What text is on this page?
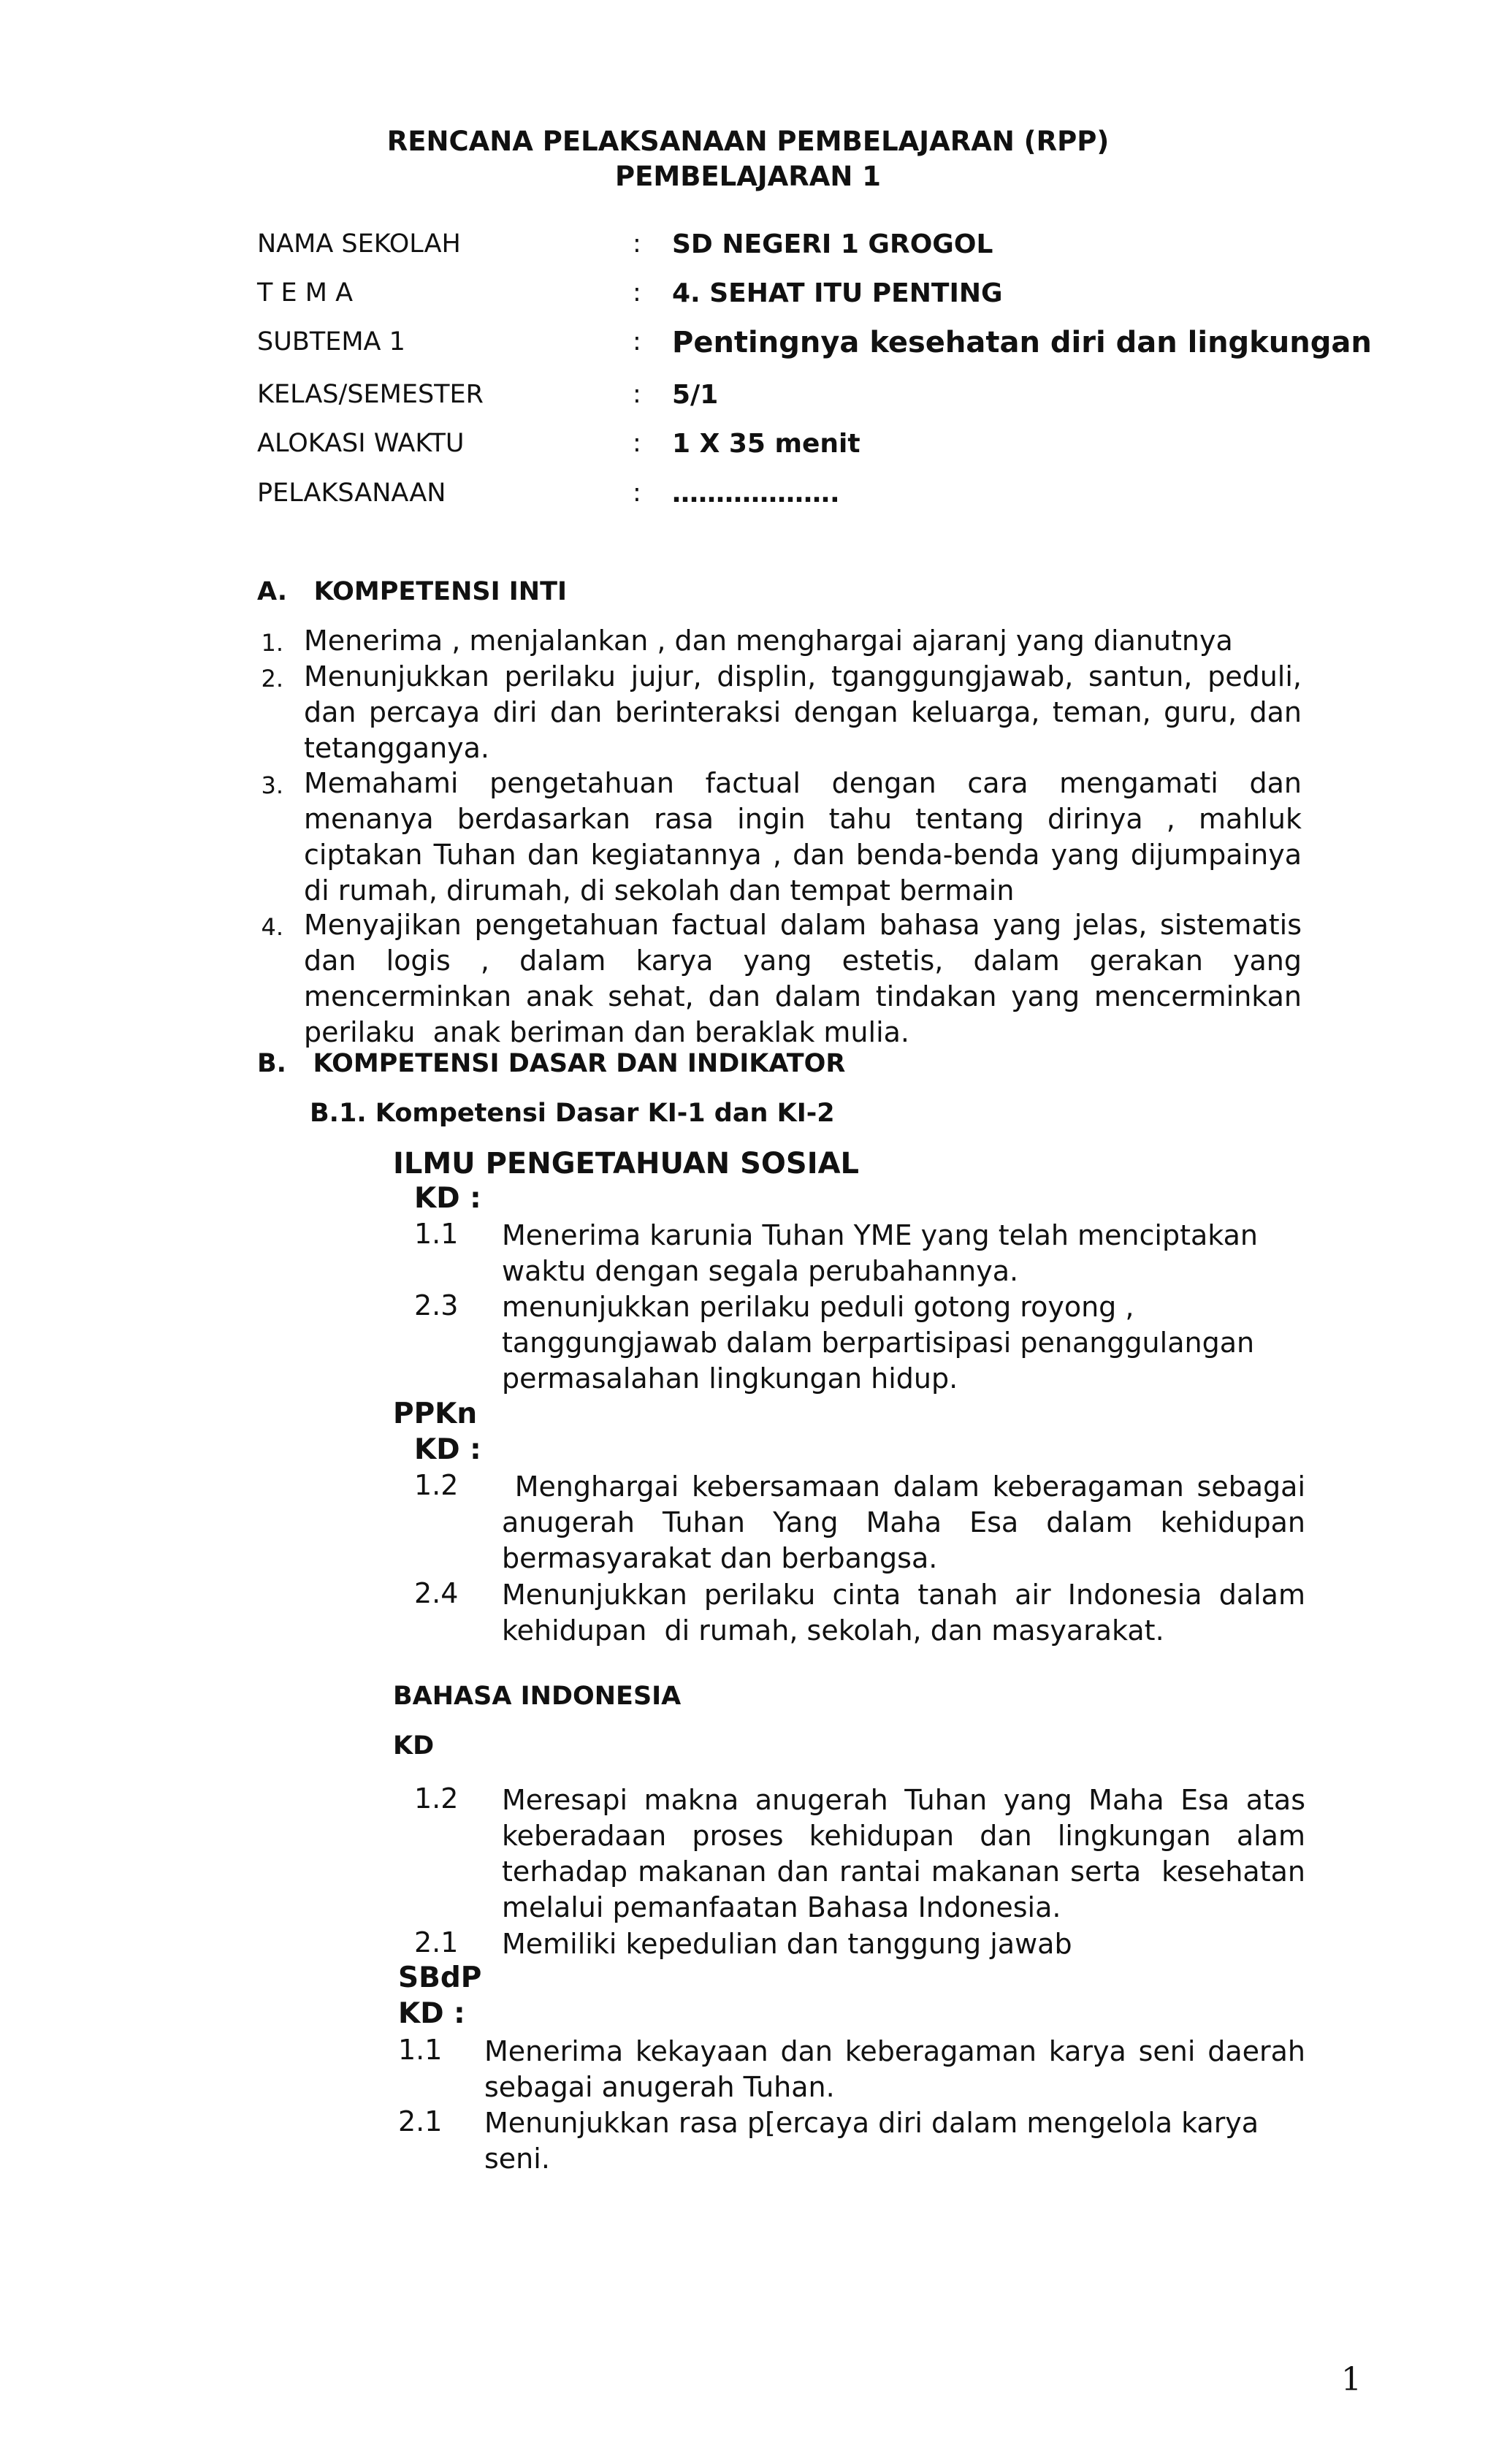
RENCANA PELAKSANAAN PEMBELAJARAN (RPP)
PEMBELAJARAN 1
NAMA SEKOLAH	: SD NEGERI 1 GROGOL
T E M A	: 4. SEHAT ITU PENTING
SUBTEMA 1	: Pentingnya kesehatan diri dan lingkungan
KELAS/SEMESTER	: 5/1
ALOKASI WAKTU	: 1 X 35 menit
PELAKSANAAN	: ……………….
A.   KOMPETENSI INTI
1. Menerima , menjalankan , dan menghargai ajaranj yang dianutnya
2. Menunjukkan perilaku jujur, displin, tganggungjawab, santun, peduli, dan percaya diri dan berinteraksi dengan keluarga, teman, guru, dan tetangganya.
3. Memahami pengetahuan factual dengan cara mengamati dan menanya berdasarkan rasa ingin tahu tentang dirinya , mahluk ciptakan Tuhan dan kegiatannya , dan benda-benda yang dijumpainya di rumah, dirumah, di sekolah dan tempat bermain
4. Menyajikan pengetahuan factual dalam bahasa yang jelas, sistematis dan logis , dalam karya yang estetis, dalam gerakan yang mencerminkan anak sehat, dan dalam tindakan yang mencerminkan perilaku  anak beriman dan beraklak mulia.
B.   KOMPETENSI DASAR DAN INDIKATOR
B.1. Kompetensi Dasar KI-1 dan KI-2
ILMU PENGETAHUAN SOSIAL
KD :
1.1 Menerima karunia Tuhan YME yang telah menciptakan waktu dengan segala perubahannya.
2.3 menunjukkan perilaku peduli gotong royong , tanggungjawab dalam berpartisipasi penanggulangan permasalahan lingkungan hidup.
PPKn
KD :
1.2 Menghargai kebersamaan dalam keberagaman sebagai anugerah Tuhan Yang Maha Esa dalam kehidupan bermasyarakat dan berbangsa.
2.4 Menunjukkan perilaku cinta tanah air Indonesia dalam kehidupan  di rumah, sekolah, dan masyarakat.
BAHASA INDONESIA
KD
1.2 Meresapi makna anugerah Tuhan yang Maha Esa atas keberadaan proses kehidupan dan lingkungan alam terhadap makanan dan rantai makanan serta  kesehatan melalui pemanfaatan Bahasa Indonesia.
2.1 Memiliki kepedulian dan tanggung jawab
SBdP
KD :
1.1 Menerima kekayaan dan keberagaman karya seni daerah sebagai anugerah Tuhan.
2.1 Menunjukkan rasa p[ercaya diri dalam mengelola karya seni.
1
